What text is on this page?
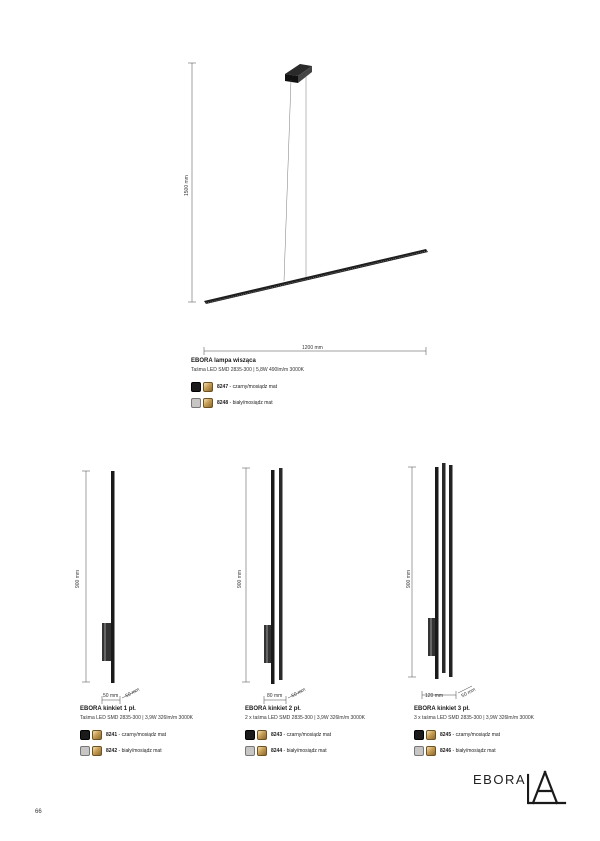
1500 mm
1200 mm
EBORA lampa wisząca
Taśma LED SMD 2835-300 | 5,8W 490lm/m 3000K
8247 - czarny/mosiądz mat
8248 - biały/mosiądz mat
900 mm
50 mm 50 mm
EBORA kinkiet 1 pł.
Taśma LED SMD 2835-300 | 3,9W 326lm/m 3000K
8241 - czarny/mosiądz mat
8242 - biały/mosiądz mat
900 mm
80 mm 50 mm
EBORA kinkiet 2 pł.
2 x taśma LED SMD 2835-300 | 3,9W 326lm/m 3000K
8243 - czarny/mosiądz mat
8244 - biały/mosiądz mat
900 mm
120 mm	50 mm
EBORA kinkiet 3 pł.
3 x taśma LED SMD 2835-300 | 3,9W 326lm/m 3000K
8245 - czarny/mosiądz mat
8246 - biały/mosiądz mat
EBORA
66
